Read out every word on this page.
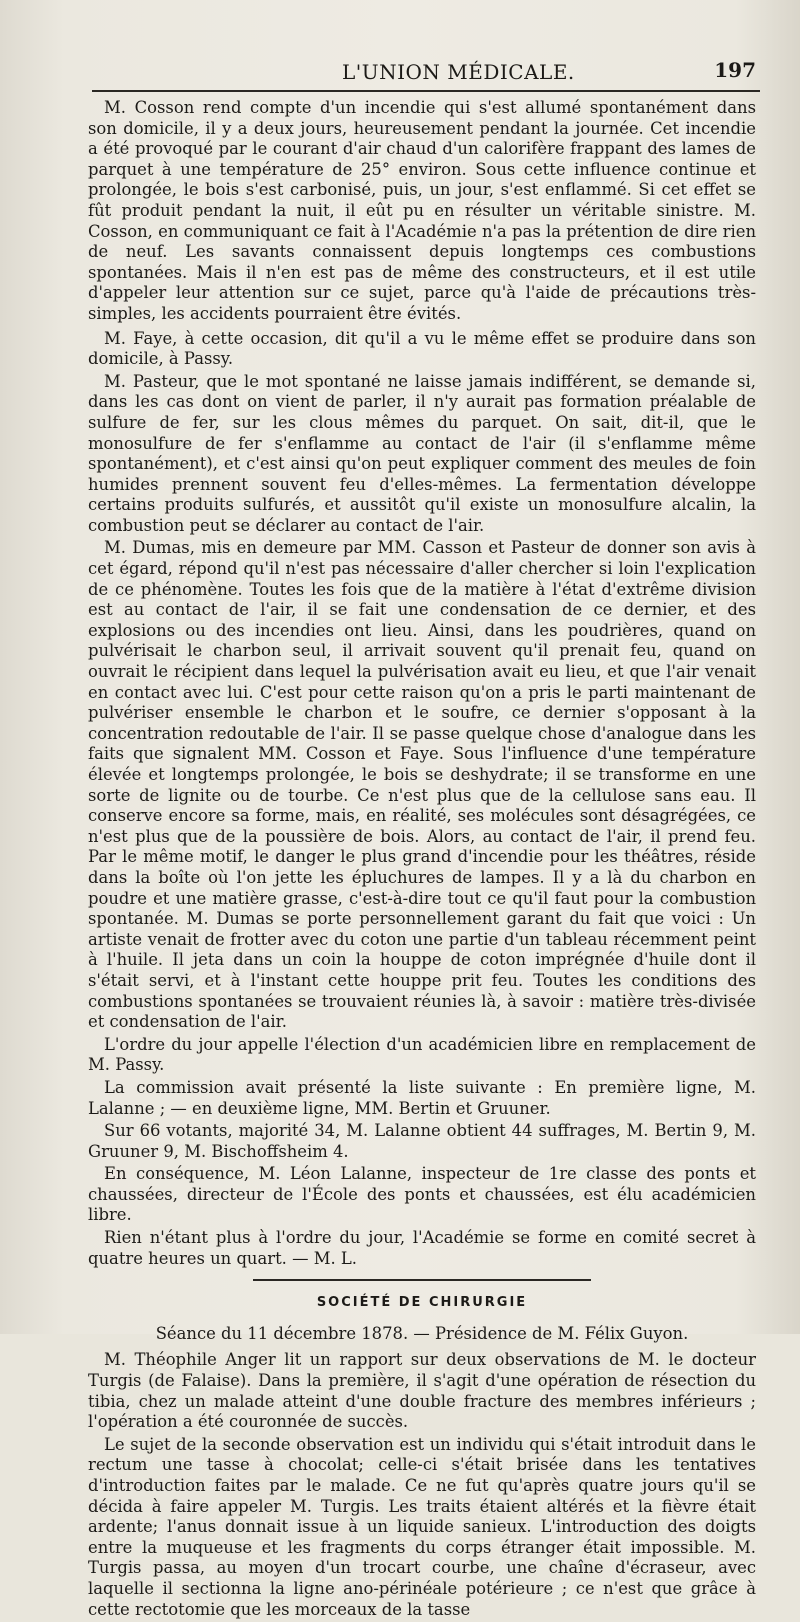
L'UNION MÉDICALE.	197

M. Cosson rend compte d'un incendie qui s'est allumé spontanément dans son domicile, il y a deux jours, heureusement pendant la journée. Cet incendie a été provoqué par le courant d'air chaud d'un calorifère frappant des lames de parquet à une température de 25° environ. Sous cette influence continue et prolongée, le bois s'est carbonisé, puis, un jour, s'est enflammé. Si cet effet se fût produit pendant la nuit, il eût pu en résulter un véritable sinistre. M. Cosson, en communiquant ce fait à l'Académie n'a pas la prétention de dire rien de neuf. Les savants connaissent depuis longtemps ces combustions spontanées. Mais il n'en est pas de même des constructeurs, et il est utile d'appeler leur attention sur ce sujet, parce qu'à l'aide de précautions très-simples, les accidents pourraient être évités.

M. Faye, à cette occasion, dit qu'il a vu le même effet se produire dans son domicile, à Passy.

M. Pasteur, que le mot spontané ne laisse jamais indifférent, se demande si, dans les cas dont on vient de parler, il n'y aurait pas formation préalable de sulfure de fer, sur les clous mêmes du parquet. On sait, dit-il, que le monosulfure de fer s'enflamme au contact de l'air (il s'enflamme même spontanément), et c'est ainsi qu'on peut expliquer comment des meules de foin humides prennent souvent feu d'elles-mêmes. La fermentation développe certains produits sulfurés, et aussitôt qu'il existe un monosulfure alcalin, la combustion peut se déclarer au contact de l'air.

M. Dumas, mis en demeure par MM. Casson et Pasteur de donner son avis à cet égard, répond qu'il n'est pas nécessaire d'aller chercher si loin l'explication de ce phénomène. Toutes les fois que de la matière à l'état d'extrême division est au contact de l'air, il se fait une condensation de ce dernier, et des explosions ou des incendies ont lieu. Ainsi, dans les poudrières, quand on pulvérisait le charbon seul, il arrivait souvent qu'il prenait feu, quand on ouvrait le récipient dans lequel la pulvérisation avait eu lieu, et que l'air venait en contact avec lui. C'est pour cette raison qu'on a pris le parti maintenant de pulvériser ensemble le charbon et le soufre, ce dernier s'opposant à la concentration redoutable de l'air. Il se passe quelque chose d'analogue dans les faits que signalent MM. Cosson et Faye. Sous l'influence d'une température élevée et longtemps prolongée, le bois se deshydrate; il se transforme en une sorte de lignite ou de tourbe. Ce n'est plus que de la cellulose sans eau. Il conserve encore sa forme, mais, en réalité, ses molécules sont désagrégées, ce n'est plus que de la poussière de bois. Alors, au contact de l'air, il prend feu. Par le même motif, le danger le plus grand d'incendie pour les théâtres, réside dans la boîte où l'on jette les épluchures de lampes. Il y a là du charbon en poudre et une matière grasse, c'est-à-dire tout ce qu'il faut pour la combustion spontanée. M. Dumas se porte personnellement garant du fait que voici : Un artiste venait de frotter avec du coton une partie d'un tableau récemment peint à l'huile. Il jeta dans un coin la houppe de coton imprégnée d'huile dont il s'était servi, et à l'instant cette houppe prit feu. Toutes les conditions des combustions spontanées se trouvaient réunies là, à savoir : matière très-divisée et condensation de l'air.

L'ordre du jour appelle l'élection d'un académicien libre en remplacement de M. Passy.

La commission avait présenté la liste suivante : En première ligne, M. Lalanne ; — en deuxième ligne, MM. Bertin et Gruuner.

Sur 66 votants, majorité 34, M. Lalanne obtient 44 suffrages, M. Bertin 9, M. Gruuner 9, M. Bischoffsheim 4.

En conséquence, M. Léon Lalanne, inspecteur de 1re classe des ponts et chaussées, directeur de l'École des ponts et chaussées, est élu académicien libre.

Rien n'étant plus à l'ordre du jour, l'Académie se forme en comité secret à quatre heures un quart. — M. L.

SOCIÉTÉ DE CHIRURGIE
Séance du 11 décembre 1878. — Présidence de M. Félix Guyon.

M. Théophile Anger lit un rapport sur deux observations de M. le docteur Turgis (de Falaise). Dans la première, il s'agit d'une opération de résection du tibia, chez un malade atteint d'une double fracture des membres inférieurs ; l'opération a été couronnée de succès.

Le sujet de la seconde observation est un individu qui s'était introduit dans le rectum une tasse à chocolat; celle-ci s'était brisée dans les tentatives d'introduction faites par le malade. Ce ne fut qu'après quatre jours qu'il se décida à faire appeler M. Turgis. Les traits étaient altérés et la fièvre était ardente; l'anus donnait issue à un liquide sanieux. L'introduction des doigts entre la muqueuse et les fragments du corps étranger était impossible. M. Turgis passa, au moyen d'un trocart courbe, une chaîne d'écraseur, avec laquelle il sectionna la ligne ano-périnéale potérieure ; ce n'est que grâce à cette rectotomie que les morceaux de la tasse
